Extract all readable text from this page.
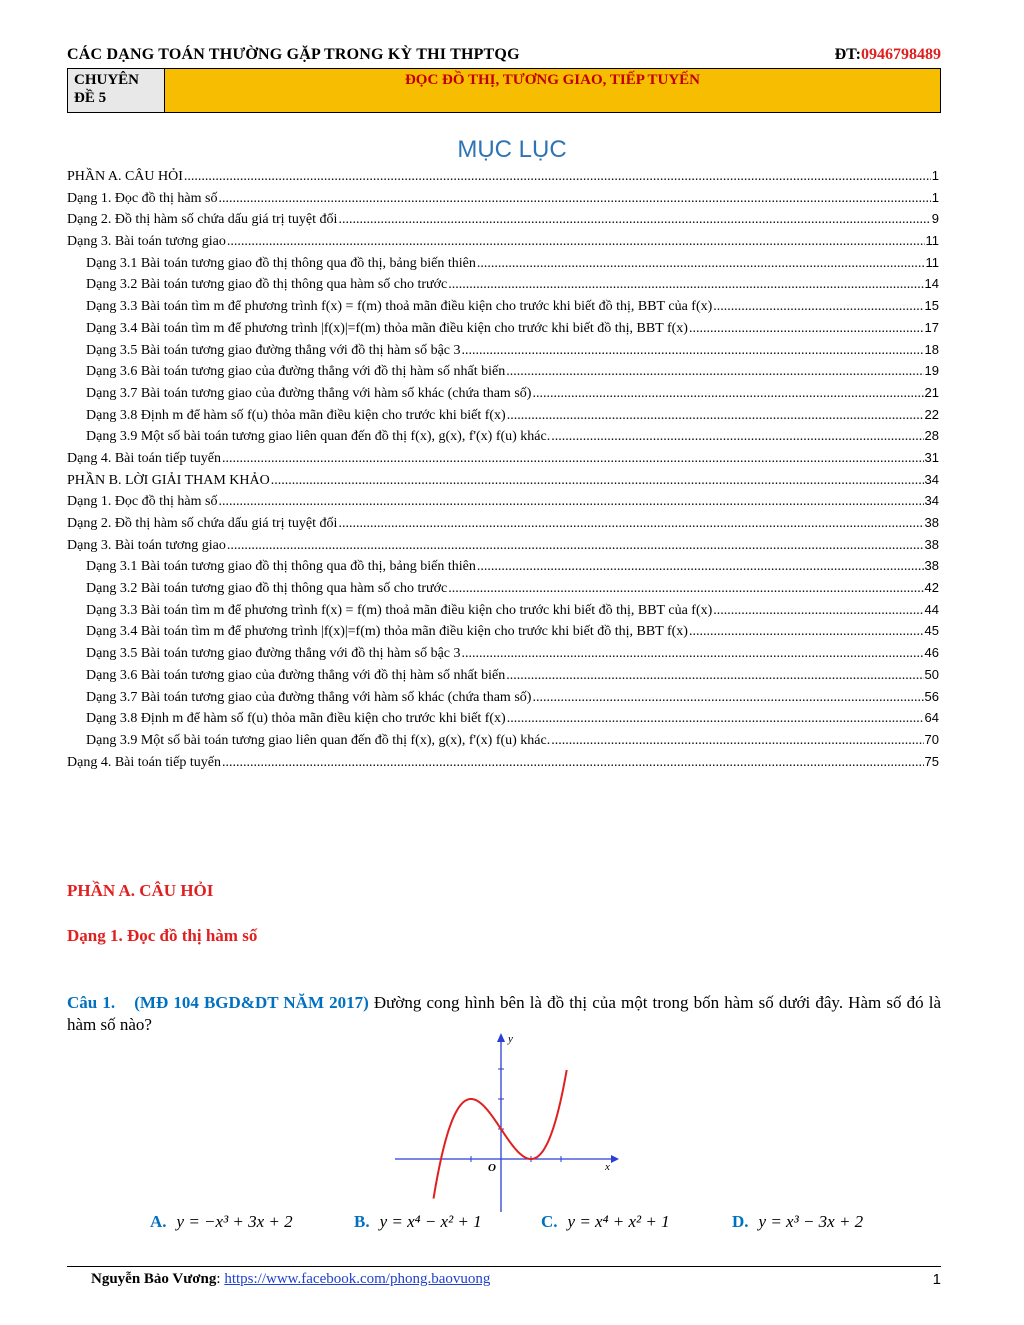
CÁC DẠNG TOÁN THƯỜNG GẶP TRONG KỲ THI THPTQG	ĐT:0946798489
CHUYÊN
ĐỀ 5
ĐỌC ĐỒ THỊ, TƯƠNG GIAO, TIẾP TUYẾN
MỤC LỤC
PHẦN A. CÂU HỎI .....	1
Dạng 1. Đọc đồ thị hàm số .....	1
Dạng 2. Đồ thị hàm số chứa dấu giá trị tuyệt đối .....	9
Dạng 3. Bài toán tương giao .....	11
Dạng 3.1 Bài toán tương giao đồ thị thông qua đồ thị, bảng biến thiên .....	11
Dạng 3.2 Bài toán tương giao đồ thị thông qua hàm số cho trước .....	14
Dạng 3.3 Bài toán tìm m để phương trình f(x) = f(m) thoả mãn điều kiện cho trước khi biết đồ thị, BBT của f(x) .....	15
Dạng 3.4 Bài toán tìm m để phương trình |f(x)|=f(m) thỏa mãn điều kiện cho trước khi biết đồ thị, BBT f(x) .....	17
Dạng 3.5 Bài toán tương giao đường thẳng với đồ thị hàm số bậc 3 .....	18
Dạng 3.6 Bài toán tương giao của đường thẳng với đồ thị hàm số nhất biến .....	19
Dạng 3.7 Bài toán tương giao của đường thẳng với hàm số khác (chứa tham số) .....	21
Dạng 3.8 Định m để hàm số f(u) thỏa mãn điều kiện cho trước khi biết f(x) .....	22
Dạng 3.9 Một số bài toán tương giao liên quan đến đồ thị f(x), g(x), f'(x) f(u) khác. .....	28
Dạng 4. Bài toán tiếp tuyến .....	31
PHẦN B. LỜI GIẢI THAM KHẢO .....	34
Dạng 1. Đọc đồ thị hàm số .....	34
Dạng 2. Đồ thị hàm số chứa dấu giá trị tuyệt đối .....	38
Dạng 3. Bài toán tương giao .....	38
Dạng 3.1 Bài toán tương giao đồ thị thông qua đồ thị, bảng biến thiên .....	38
Dạng 3.2 Bài toán tương giao đồ thị thông qua hàm số cho trước .....	42
Dạng 3.3 Bài toán tìm m để phương trình f(x) = f(m) thoả mãn điều kiện cho trước khi biết đồ thị, BBT của f(x) .....	44
Dạng 3.4 Bài toán tìm m để phương trình |f(x)|=f(m) thỏa mãn điều kiện cho trước khi biết đồ thị, BBT f(x) .....	45
Dạng 3.5 Bài toán tương giao đường thẳng với đồ thị hàm số bậc 3 .....	46
Dạng 3.6 Bài toán tương giao của đường thẳng với đồ thị hàm số nhất biến .....	50
Dạng 3.7 Bài toán tương giao của đường thẳng với hàm số khác (chứa tham số) .....	56
Dạng 3.8 Định m để hàm số f(u) thỏa mãn điều kiện cho trước khi biết f(x) .....	64
Dạng 3.9 Một số bài toán tương giao liên quan đến đồ thị f(x), g(x), f'(x) f(u) khác. .....	70
Dạng 4. Bài toán tiếp tuyến .....	75
PHẦN A. CÂU HỎI
Dạng 1. Đọc đồ thị hàm số
Câu 1. (MĐ 104 BGD&DT NĂM 2017) Đường cong hình bên là đồ thị của một trong bốn hàm số dưới đây. Hàm số đó là hàm số nào?
y
x
O
A. y = −x³ + 3x + 2	B. y = x⁴ − x² + 1	C. y = x⁴ + x² + 1	D. y = x³ − 3x + 2
Nguyễn Bảo Vương: https://www.facebook.com/phong.baovuong	1
